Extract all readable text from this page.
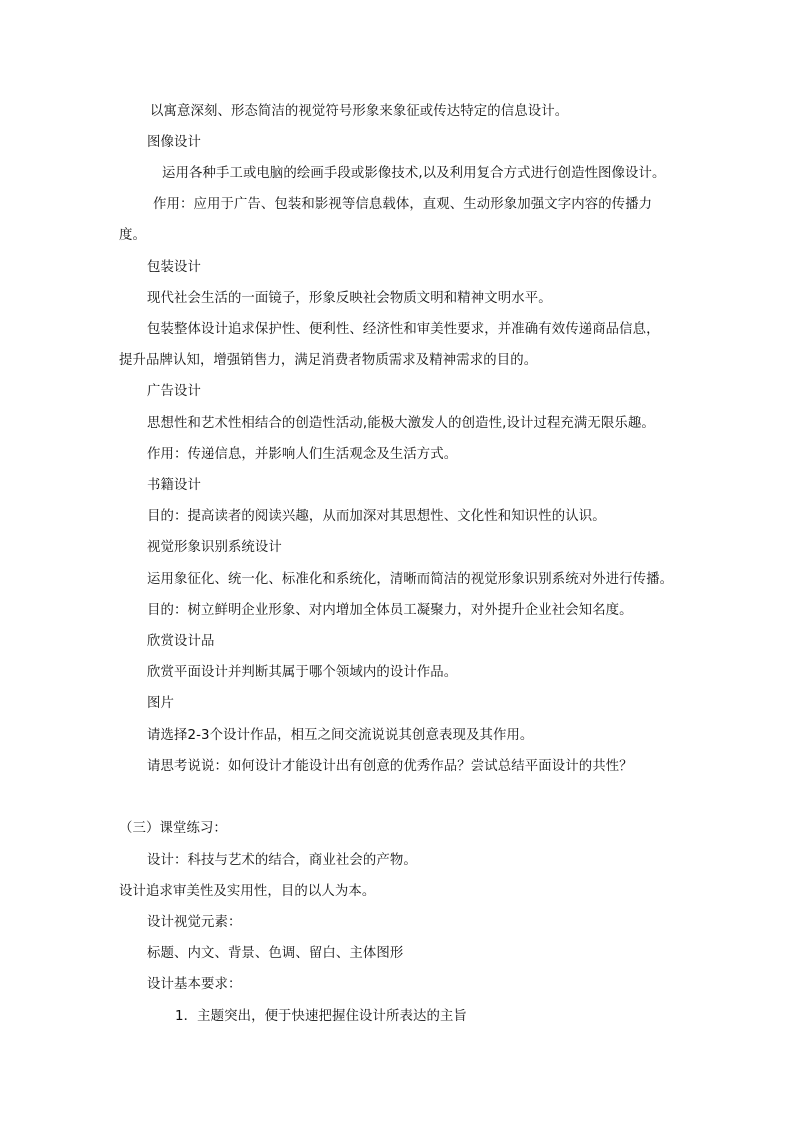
以寓意深刻、形态简洁的视觉符号形象来象征或传达特定的信息设计。
图像设计
运用各种手工或电脑的绘画手段或影像技术,以及利用复合方式进行创造性图像设计。
作用：应用于广告、包装和影视等信息载体，直观、生动形象加强文字内容的传播力
度。
包装设计
现代社会生活的一面镜子，形象反映社会物质文明和精神文明水平。
包装整体设计追求保护性、便利性、经济性和审美性要求，并准确有效传递商品信息，
提升品牌认知，增强销售力，满足消费者物质需求及精神需求的目的。
广告设计
思想性和艺术性相结合的创造性活动,能极大激发人的创造性,设计过程充满无限乐趣。
作用：传递信息，并影响人们生活观念及生活方式。
书籍设计
目的：提高读者的阅读兴趣，从而加深对其思想性、文化性和知识性的认识。
视觉形象识别系统设计
运用象征化、统一化、标准化和系统化，清晰而简洁的视觉形象识别系统对外进行传播。
目的：树立鲜明企业形象、对内增加全体员工凝聚力，对外提升企业社会知名度。
欣赏设计品
欣赏平面设计并判断其属于哪个领域内的设计作品。
图片
请选择2-3个设计作品，相互之间交流说说其创意表现及其作用。
请思考说说：如何设计才能设计出有创意的优秀作品？尝试总结平面设计的共性？
（三）课堂练习：
设计：科技与艺术的结合，商业社会的产物。
设计追求审美性及实用性，目的以人为本。
设计视觉元素：
标题、内文、背景、色调、留白、主体图形
设计基本要求：
1．主题突出，便于快速把握住设计所表达的主旨
